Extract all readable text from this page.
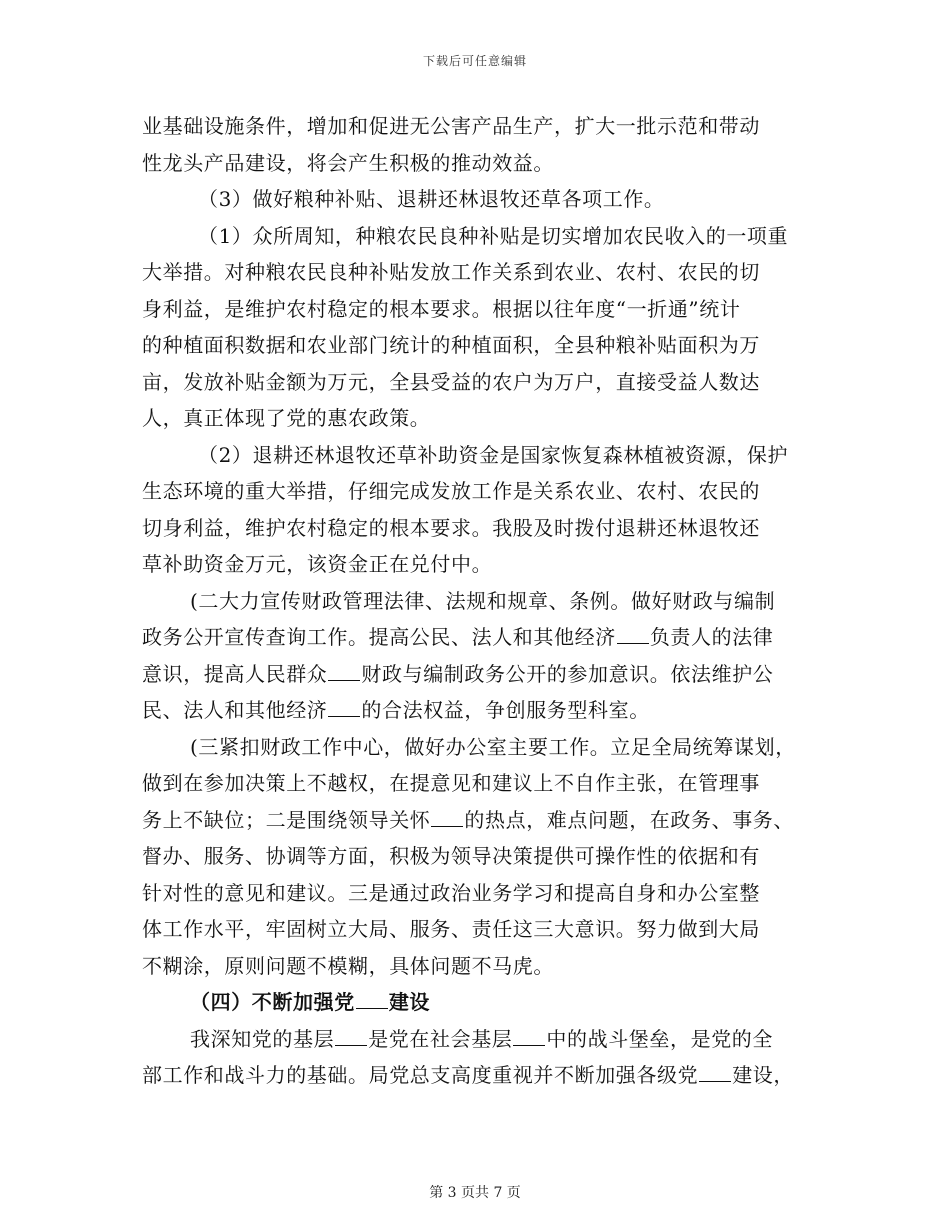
下载后可任意编辑
业基础设施条件，增加和促进无公害产品生产，扩大一批示范和带动
性龙头产品建设，将会产生积极的推动效益。
（3）做好粮种补贴、退耕还林退牧还草各项工作。
（1）众所周知，种粮农民良种补贴是切实增加农民收入的一项重
大举措。对种粮农民良种补贴发放工作关系到农业、农村、农民的切
身利益，是维护农村稳定的根本要求。根据以往年度“一折通”统计
的种植面积数据和农业部门统计的种植面积，全县种粮补贴面积为万
亩，发放补贴金额为万元，全县受益的农户为万户，直接受益人数达
人，真正体现了党的惠农政策。
（2）退耕还林退牧还草补助资金是国家恢复森林植被资源，保护
生态环境的重大举措，仔细完成发放工作是关系农业、农村、农民的
切身利益，维护农村稳定的根本要求。我股及时拨付退耕还林退牧还
草补助资金万元，该资金正在兑付中。
(二大力宣传财政管理法律、法规和规章、条例。做好财政与编制
政务公开宣传查询工作。提高公民、法人和其他经济 负责人的法律
意识，提高人民群众 财政与编制政务公开的参加意识。依法维护公
民、法人和其他经济 的合法权益，争创服务型科室。
(三紧扣财政工作中心，做好办公室主要工作。立足全局统筹谋划，
做到在参加决策上不越权，在提意见和建议上不自作主张，在管理事
务上不缺位；二是围绕领导关怀 的热点，难点问题，在政务、事务、
督办、服务、协调等方面，积极为领导决策提供可操作性的依据和有
针对性的意见和建议。三是通过政治业务学习和提高自身和办公室整
体工作水平，牢固树立大局、服务、责任这三大意识。努力做到大局
不糊涂，原则问题不模糊，具体问题不马虎。
（四）不断加强党 建设
我深知党的基层 是党在社会基层 中的战斗堡垒，是党的全
部工作和战斗力的基础。局党总支高度重视并不断加强各级党 建设，
第 3 页共 7 页
